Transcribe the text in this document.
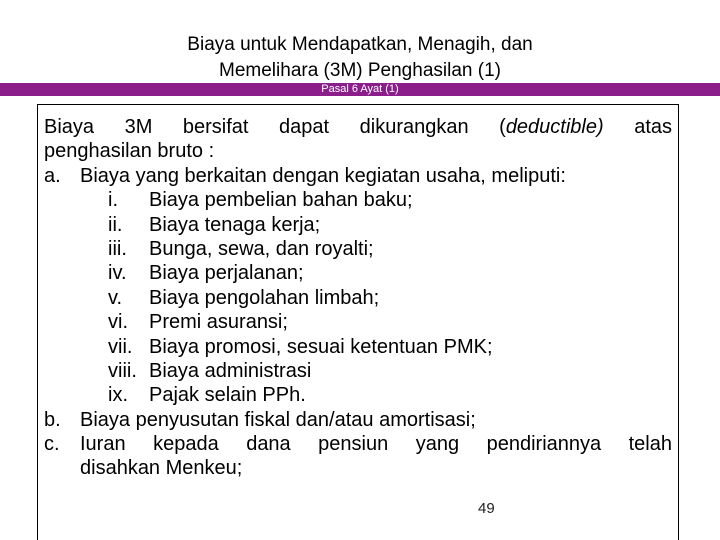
Biaya untuk Mendapatkan, Menagih, dan
Memelihara (3M) Penghasilan (1)
Pasal 6 Ayat (1)
Biaya 3M bersifat dapat dikurangkan (deductible) atas
penghasilan bruto :
a. Biaya yang berkaitan dengan kegiatan usaha, meliputi:
i. Biaya pembelian bahan baku;
ii. Biaya tenaga kerja;
iii. Bunga, sewa, dan royalti;
iv. Biaya perjalanan;
v. Biaya pengolahan limbah;
vi. Premi asuransi;
vii. Biaya promosi, sesuai ketentuan PMK;
viii. Biaya administrasi
ix. Pajak selain PPh.
b. Biaya penyusutan fiskal dan/atau amortisasi;
c.	Iuran kepada dana pensiun yang pendiriannya telah
disahkan Menkeu;
49
